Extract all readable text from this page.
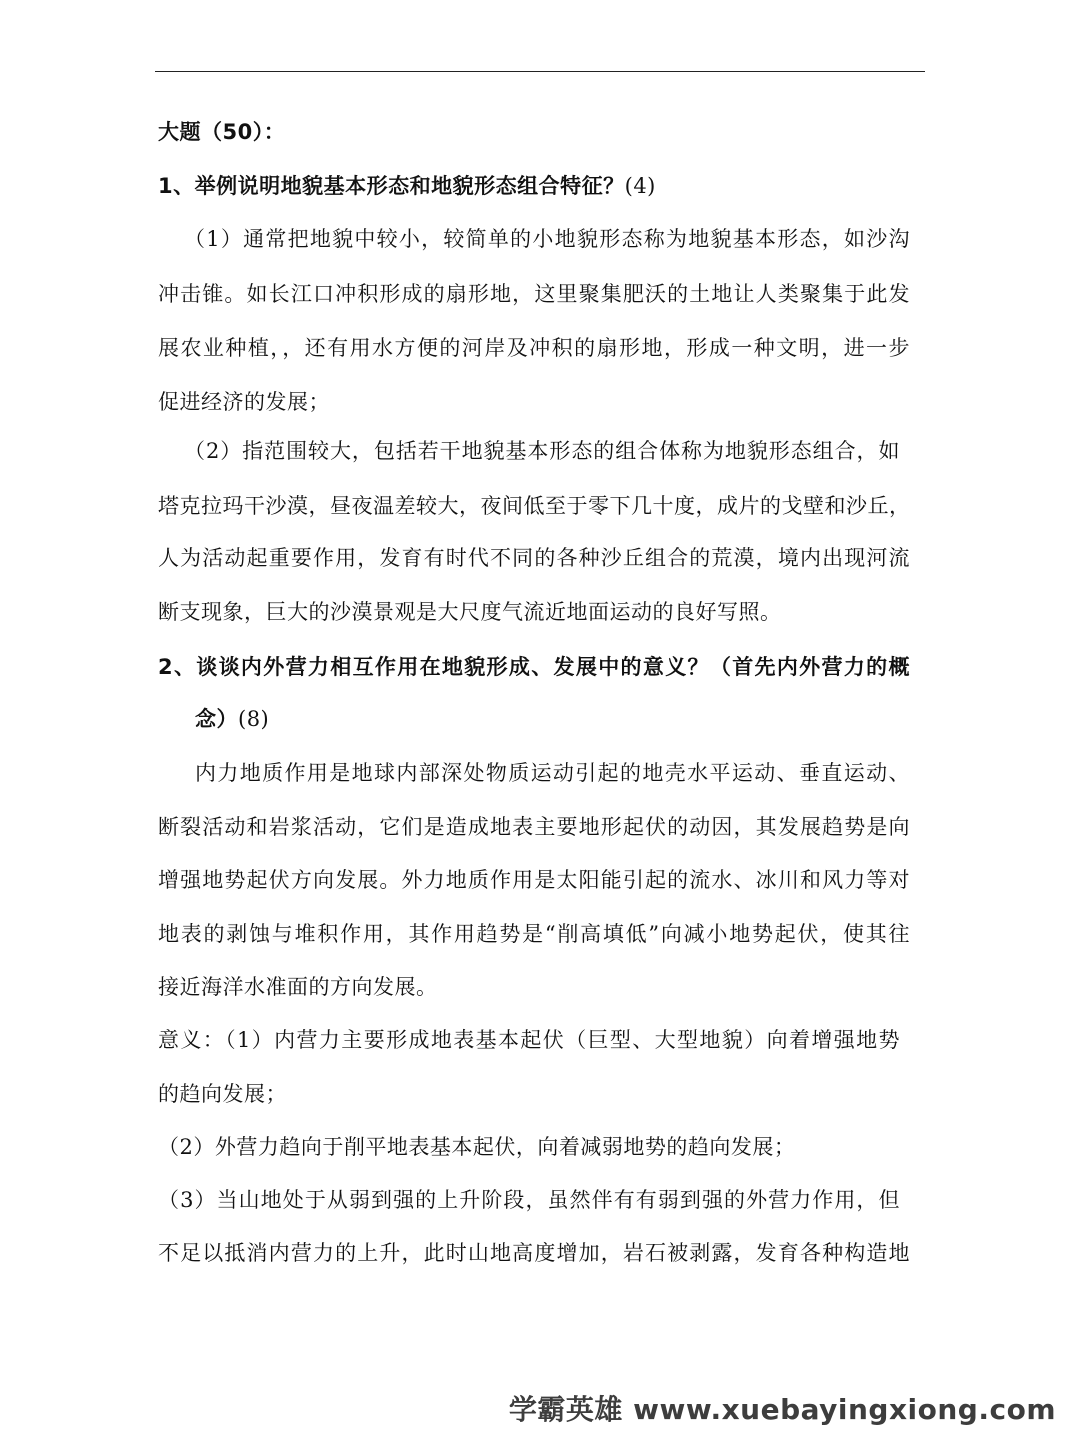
大题（50）：
1、举例说明地貌基本形态和地貌形态组合特征？(4)
（1）通常把地貌中较小，较简单的小地貌形态称为地貌基本形态，如沙沟
冲击锥。如长江口冲积形成的扇形地，这里聚集肥沃的土地让人类聚集于此发
展农业种植，，还有用水方便的河岸及冲积的扇形地，形成一种文明，进一步
促进经济的发展；
（2）指范围较大，包括若干地貌基本形态的组合体称为地貌形态组合，如
塔克拉玛干沙漠，昼夜温差较大，夜间低至于零下几十度，成片的戈壁和沙丘，
人为活动起重要作用，发育有时代不同的各种沙丘组合的荒漠，境内出现河流
断支现象，巨大的沙漠景观是大尺度气流近地面运动的良好写照。
2、谈谈内外营力相互作用在地貌形成、发展中的意义？（首先内外营力的概
念）(8)
内力地质作用是地球内部深处物质运动引起的地壳水平运动、垂直运动、
断裂活动和岩浆活动，它们是造成地表主要地形起伏的动因，其发展趋势是向
增强地势起伏方向发展。外力地质作用是太阳能引起的流水、冰川和风力等对
地表的剥蚀与堆积作用，其作用趋势是“削高填低”向减小地势起伏，使其往
接近海洋水准面的方向发展。
意义：（1）内营力主要形成地表基本起伏（巨型、大型地貌）向着增强地势
的趋向发展；
（2）外营力趋向于削平地表基本起伏，向着减弱地势的趋向发展；
（3）当山地处于从弱到强的上升阶段，虽然伴有有弱到强的外营力作用，但
不足以抵消内营力的上升，此时山地高度增加，岩石被剥露，发育各种构造地
学霸英雄 www.xuebayingxiong.com
